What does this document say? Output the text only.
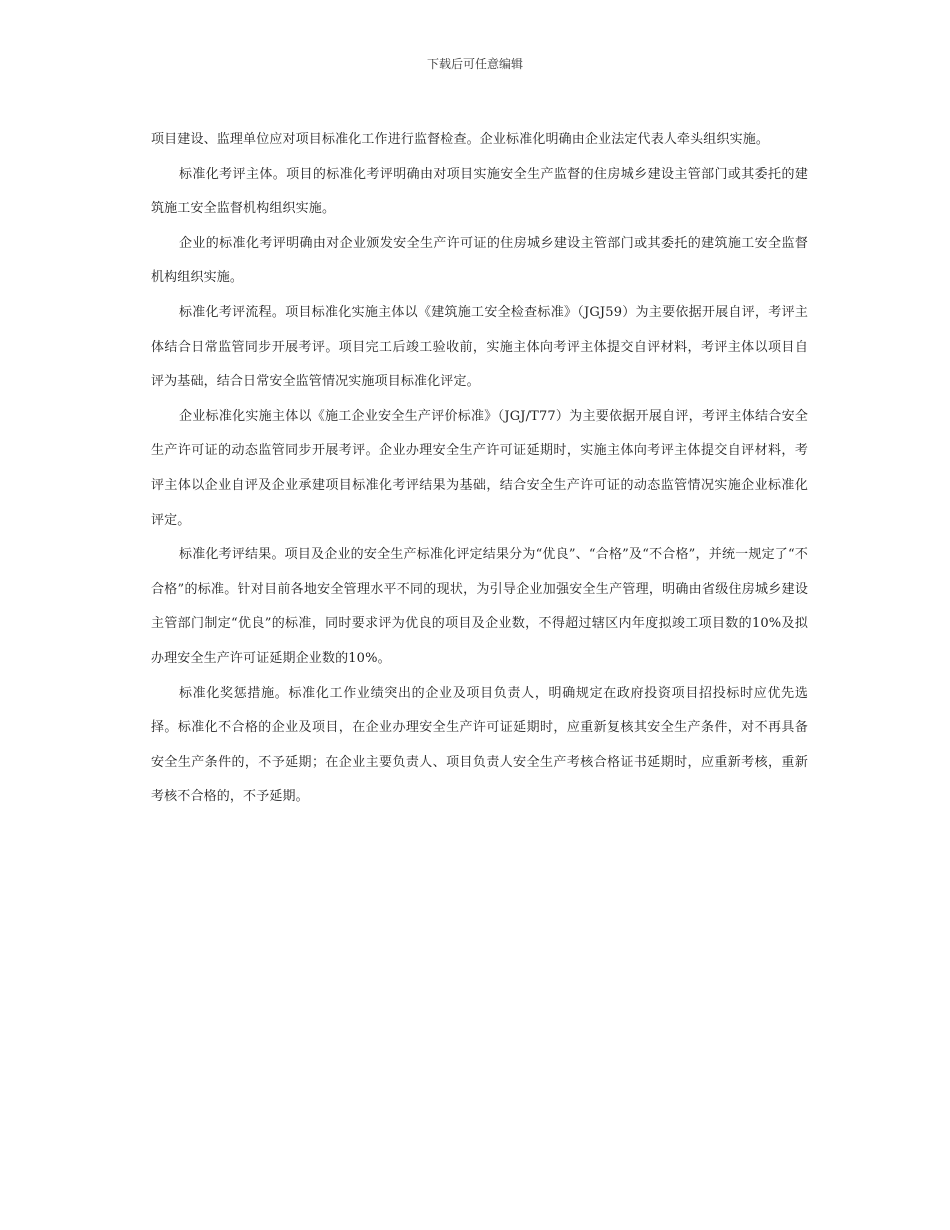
下载后可任意编辑

项目建设、监理单位应对项目标准化工作进行监督检查。企业标准化明确由企业法定代表人牵头组织实施。

标准化考评主体。项目的标准化考评明确由对项目实施安全生产监督的住房城乡建设主管部门或其委托的建筑施工安全监督机构组织实施。

企业的标准化考评明确由对企业颁发安全生产许可证的住房城乡建设主管部门或其委托的建筑施工安全监督机构组织实施。

标准化考评流程。项目标准化实施主体以《建筑施工安全检查标准》（JGJ59）为主要依据开展自评，考评主体结合日常监管同步开展考评。项目完工后竣工验收前，实施主体向考评主体提交自评材料，考评主体以项目自评为基础，结合日常安全监管情况实施项目标准化评定。

企业标准化实施主体以《施工企业安全生产评价标准》（JGJ/T77）为主要依据开展自评，考评主体结合安全生产许可证的动态监管同步开展考评。企业办理安全生产许可证延期时，实施主体向考评主体提交自评材料，考评主体以企业自评及企业承建项目标准化考评结果为基础，结合安全生产许可证的动态监管情况实施企业标准化评定。

标准化考评结果。项目及企业的安全生产标准化评定结果分为“优良”、“合格”及“不合格”，并统一规定了“不合格”的标准。针对目前各地安全管理水平不同的现状，为引导企业加强安全生产管理，明确由省级住房城乡建设主管部门制定“优良”的标准，同时要求评为优良的项目及企业数，不得超过辖区内年度拟竣工项目数的10%及拟办理安全生产许可证延期企业数的10%。

标准化奖惩措施。标准化工作业绩突出的企业及项目负责人，明确规定在政府投资项目招投标时应优先选择。标准化不合格的企业及项目，在企业办理安全生产许可证延期时，应重新复核其安全生产条件，对不再具备安全生产条件的，不予延期；在企业主要负责人、项目负责人安全生产考核合格证书延期时，应重新考核，重新考核不合格的，不予延期。
